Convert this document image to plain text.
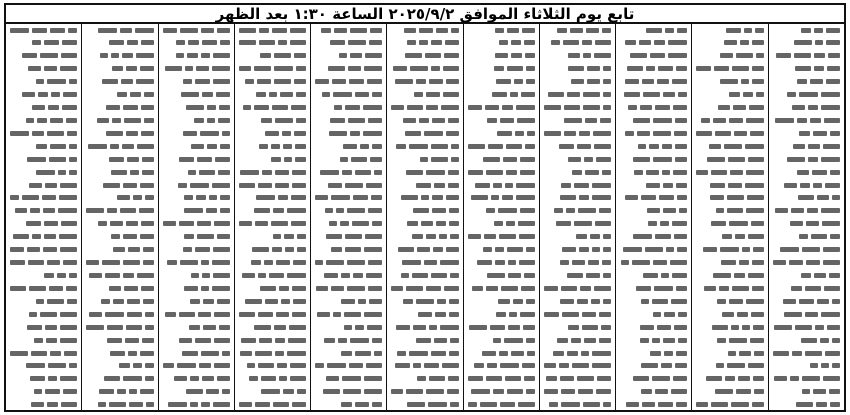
تابع يوم الثلاثاء الموافق ٢٠٢٥/٩/٢ الساعة ١:٣٠ بعد الظهر
